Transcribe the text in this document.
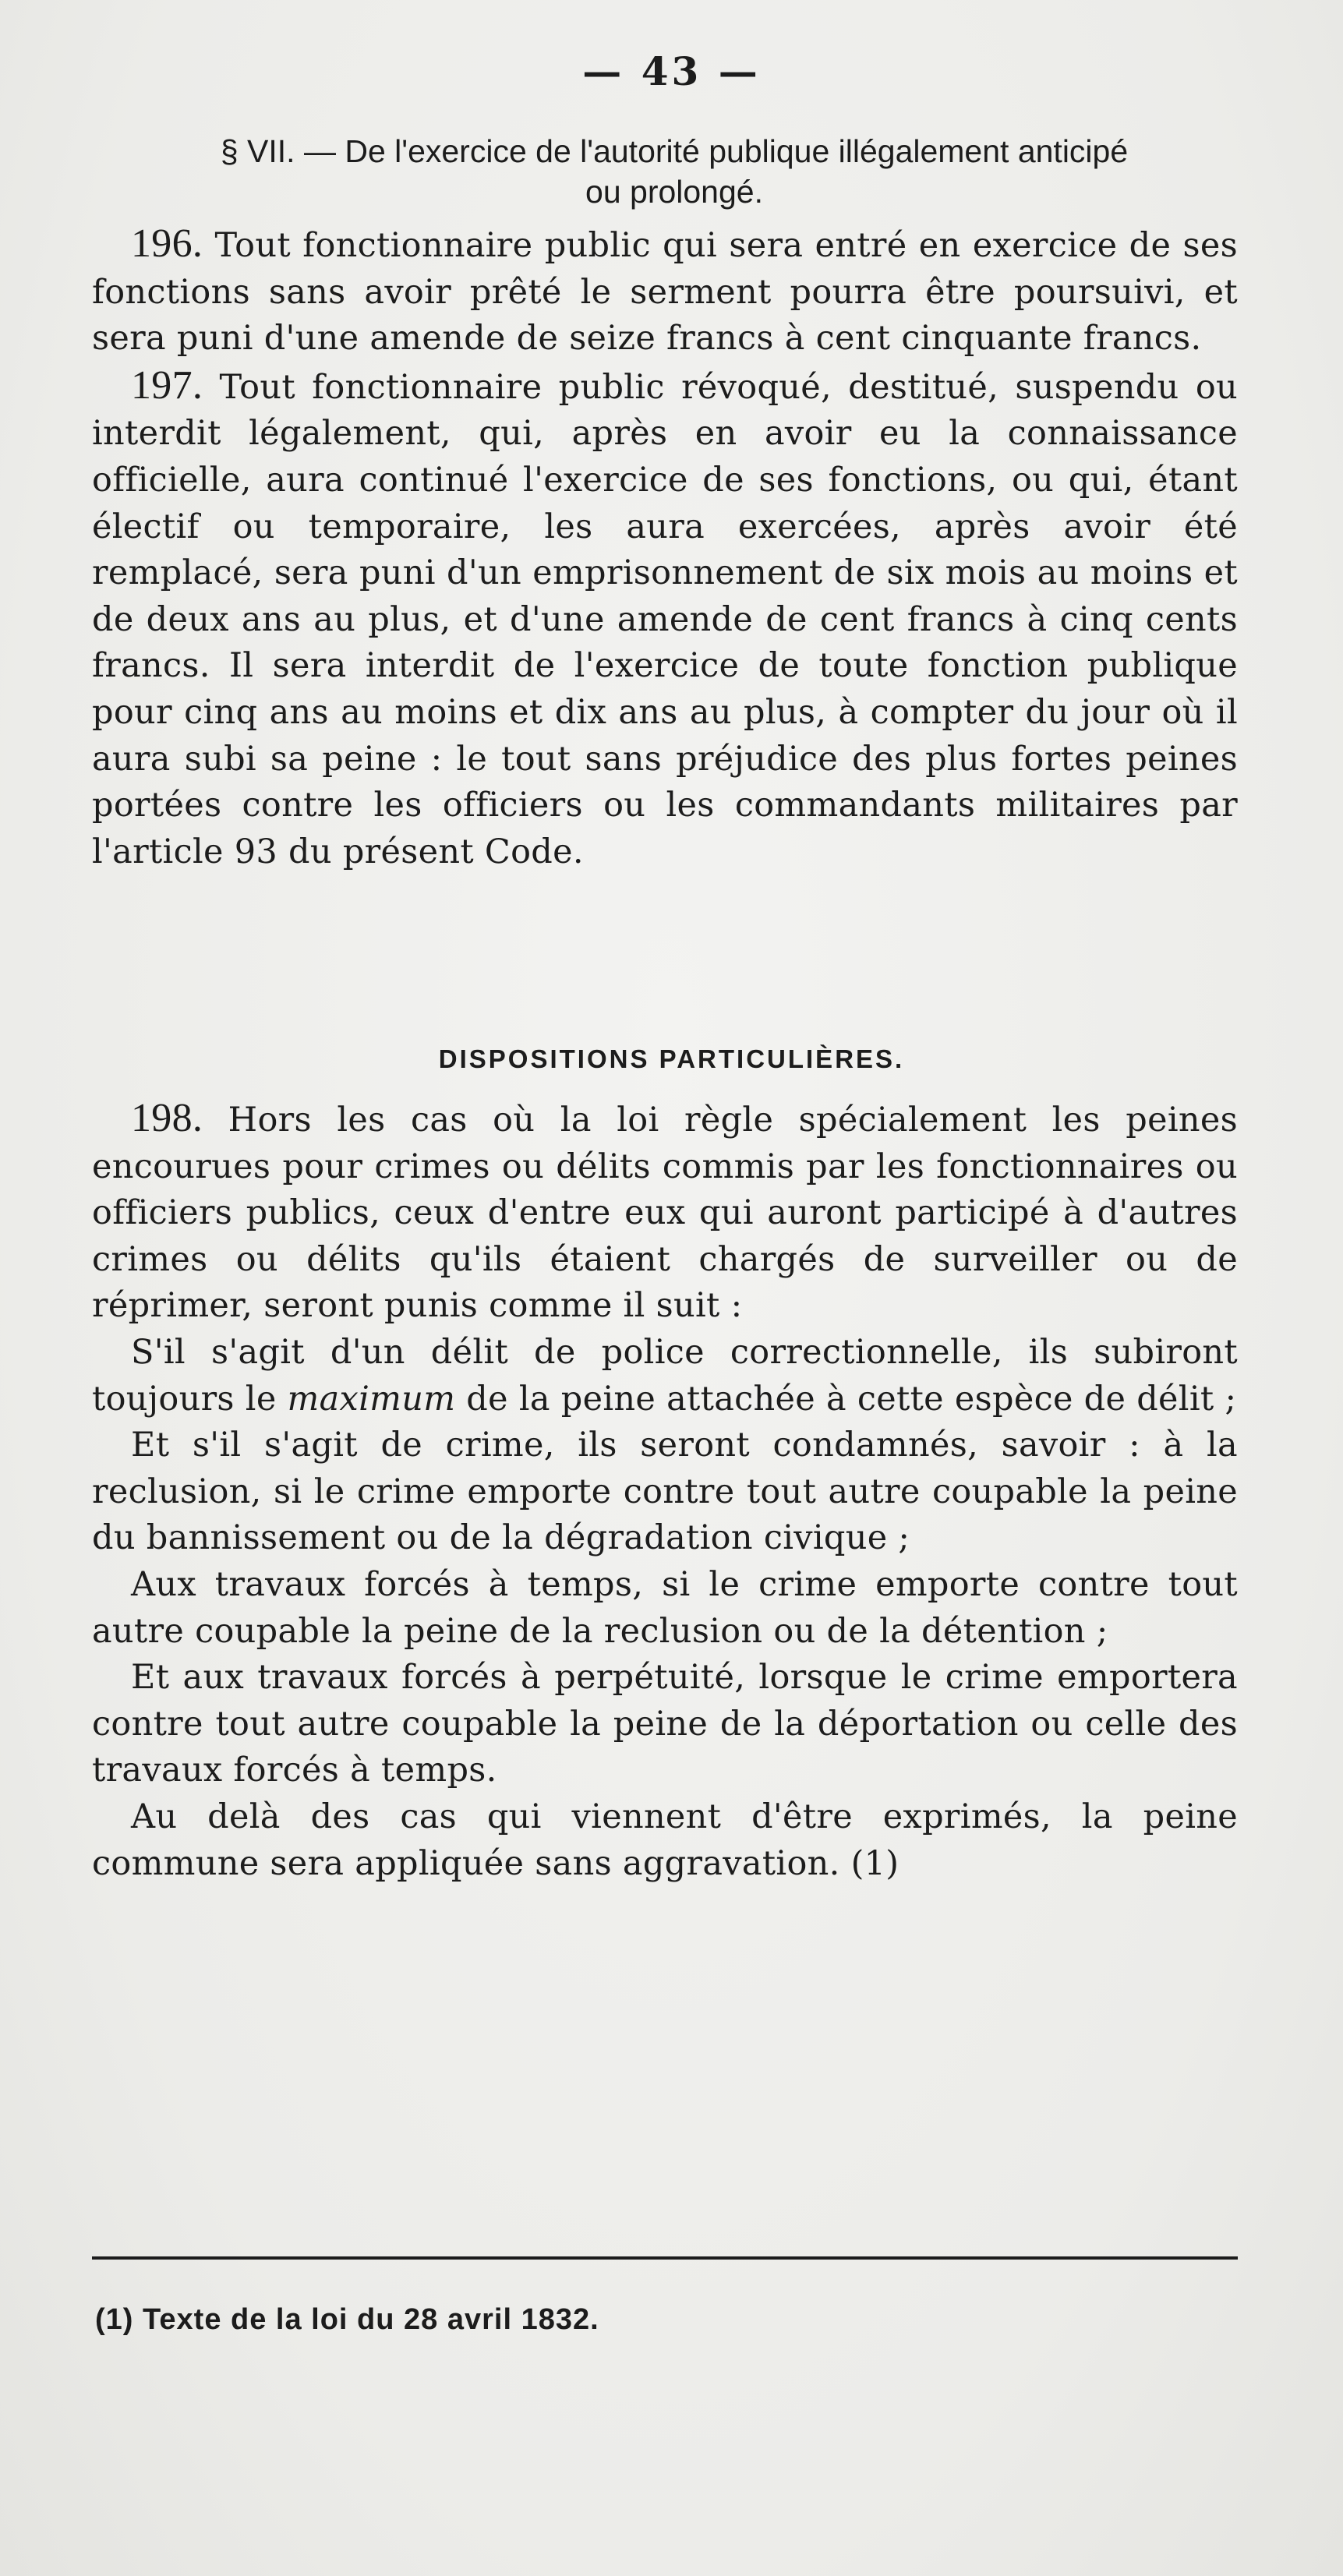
— 43 —
§ VII. — De l'exercice de l'autorité publique illégalement anticipé
ou prolongé.

196. Tout fonctionnaire public qui sera entré en exercice de ses fonctions sans avoir prêté le serment pourra être poursuivi, et sera puni d'une amende de seize francs à cent cinquante francs.

197. Tout fonctionnaire public révoqué, destitué, suspendu ou interdit légalement, qui, après en avoir eu la connaissance officielle, aura continué l'exercice de ses fonctions, ou qui, étant électif ou temporaire, les aura exercées, après avoir été remplacé, sera puni d'un emprisonnement de six mois au moins et de deux ans au plus, et d'une amende de cent francs à cinq cents francs. Il sera interdit de l'exercice de toute fonction publique pour cinq ans au moins et dix ans au plus, à compter du jour où il aura subi sa peine : le tout sans préjudice des plus fortes peines portées contre les officiers ou les commandants militaires par l'article 93 du présent Code.

DISPOSITIONS PARTICULIÈRES.

198. Hors les cas où la loi règle spécialement les peines encourues pour crimes ou délits commis par les fonctionnaires ou officiers publics, ceux d'entre eux qui auront participé à d'autres crimes ou délits qu'ils étaient chargés de surveiller ou de réprimer, seront punis comme il suit :

S'il s'agit d'un délit de police correctionnelle, ils subiront toujours le maximum de la peine attachée à cette espèce de délit ;

Et s'il s'agit de crime, ils seront condamnés, savoir : à la reclusion, si le crime emporte contre tout autre coupable la peine du bannissement ou de la dégradation civique ;

Aux travaux forcés à temps, si le crime emporte contre tout autre coupable la peine de la reclusion ou de la détention ;

Et aux travaux forcés à perpétuité, lorsque le crime emportera contre tout autre coupable la peine de la déportation ou celle des travaux forcés à temps.

Au delà des cas qui viennent d'être exprimés, la peine commune sera appliquée sans aggravation. (1)

(1) Texte de la loi du 28 avril 1832.
